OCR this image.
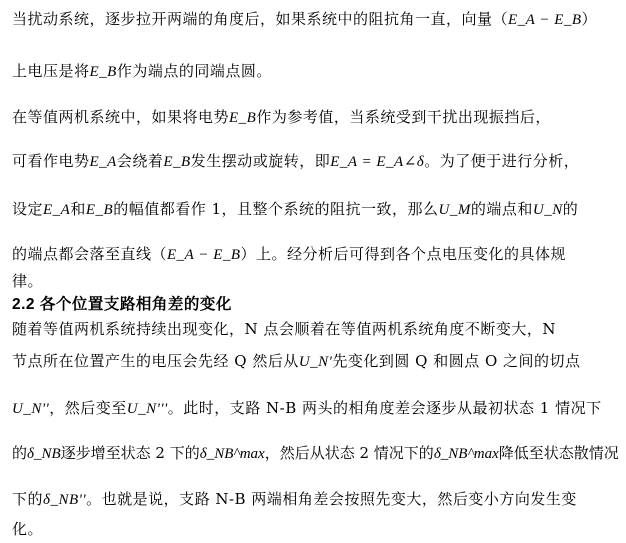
当扰动系统，逐步拉开两端的角度后，如果系统中的阻抗角一直，向量（E_A − E_B）
上电压是将E_B作为端点的同端点圆。
在等值两机系统中，如果将电势E_B作为参考值，当系统受到干扰出现振挡后，
可看作电势E_A会绕着E_B发生摆动或旋转，即E_A = E_A∠δ。为了便于进行分析，
设定E_A和E_B的幅值都看作 1，且整个系统的阻抗一致，那么U_M的端点和U_N的
的端点都会落至直线（E_A − E_B）上。经分析后可得到各个点电压变化的具体规
律。
2.2 各个位置支路相角差的变化
随着等值两机系统持续出现变化，N 点会顺着在等值两机系统角度不断变大，N
节点所在位置产生的电压会先经 Q 然后从U_N'先变化到圆 Q 和圆点 O 之间的切点
U_N''，然后变至U_N'''。此时，支路 N-B 两头的相角度差会逐步从最初状态 1 情况下
的δ_NB逐步增至状态 2 下的δ_NB^max，然后从状态 2 情况下的δ_NB^max降低至状态散情况
下的δ_NB''。也就是说，支路 N-B 两端相角差会按照先变大，然后变小方向发生变
化。
